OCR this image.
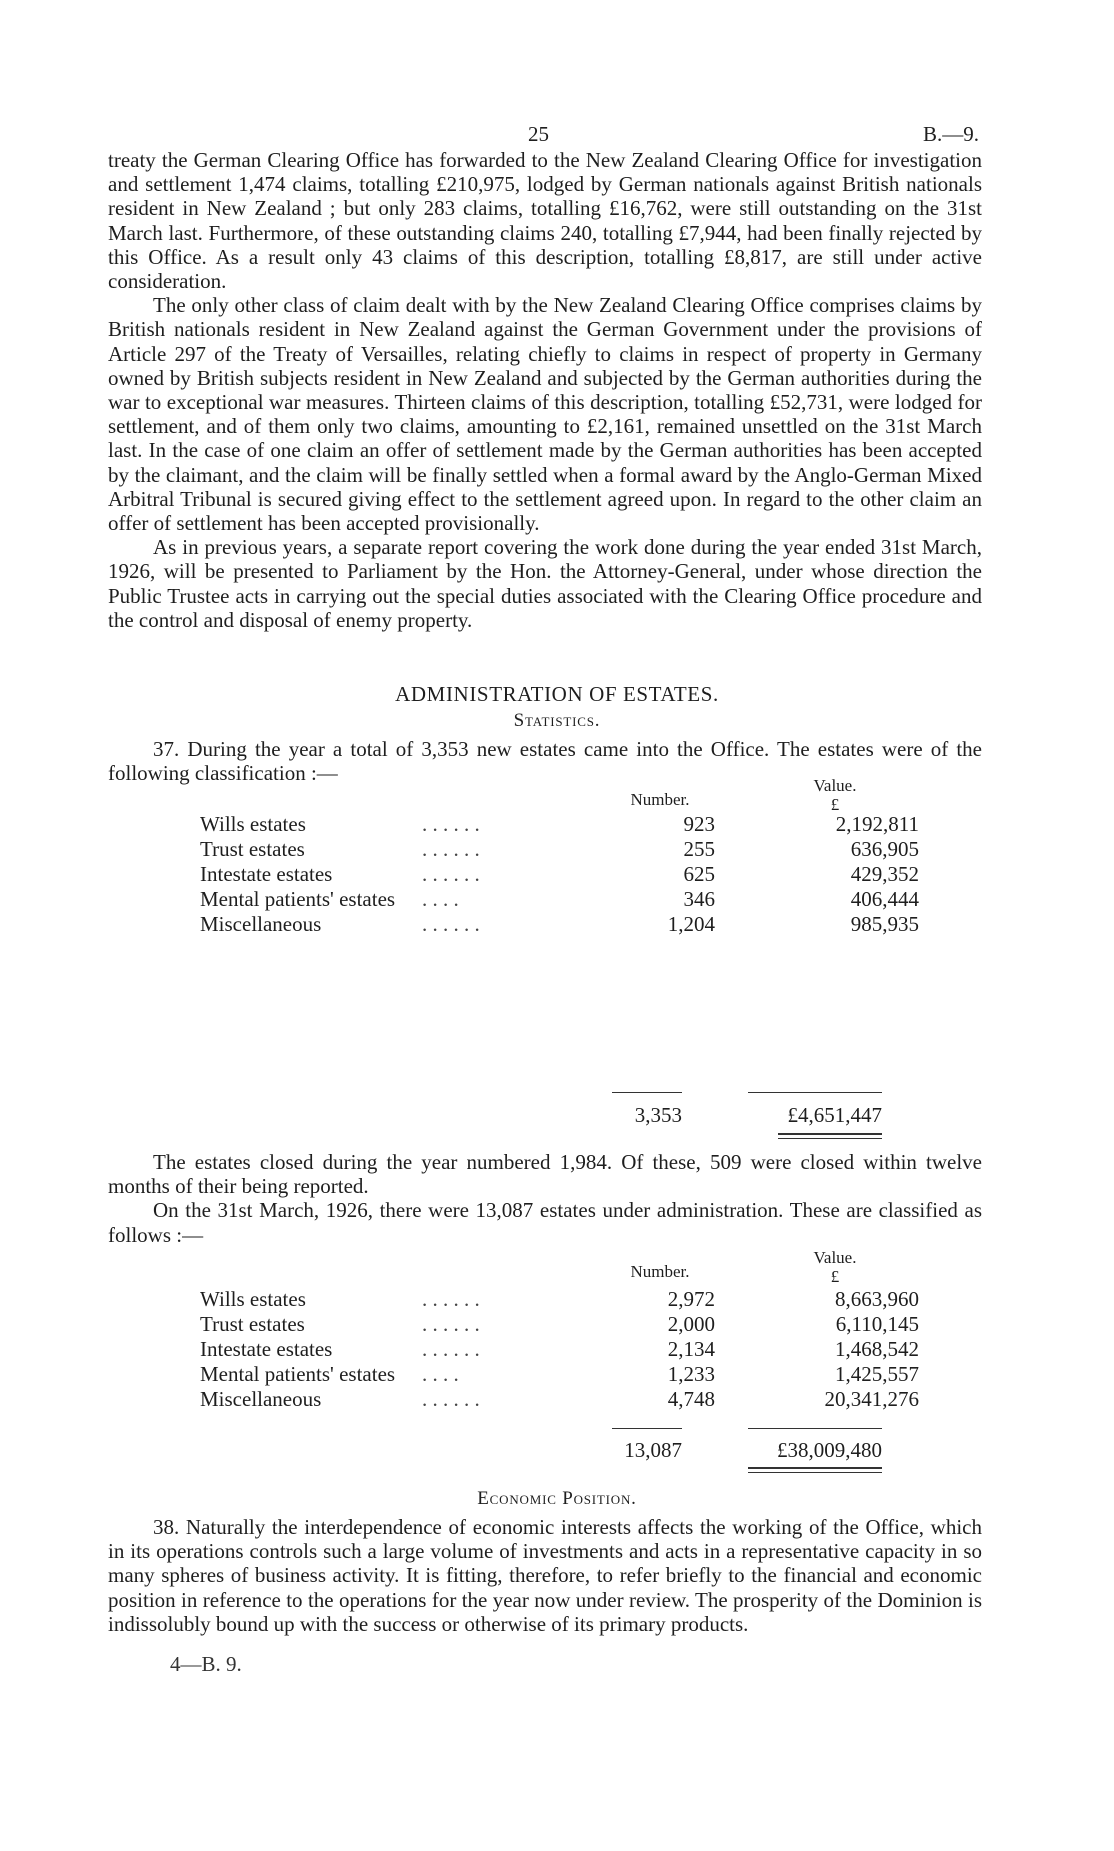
25	B.—9.

treaty the German Clearing Office has forwarded to the New Zealand Clearing Office for investigation and settlement 1,474 claims, totalling £210,975, lodged by German nationals against British nationals resident in New Zealand ; but only 283 claims, totalling £16,762, were still outstanding on the 31st March last. Furthermore, of these outstanding claims 240, totalling £7,944, had been finally rejected by this Office. As a result only 43 claims of this description, totalling £8,817, are still under active consideration.

The only other class of claim dealt with by the New Zealand Clearing Office comprises claims by British nationals resident in New Zealand against the German Government under the provisions of Article 297 of the Treaty of Versailles, relating chiefly to claims in respect of property in Germany owned by British subjects resident in New Zealand and subjected by the German authorities during the war to exceptional war measures. Thirteen claims of this description, totalling £52,731, were lodged for settlement, and of them only two claims, amounting to £2,161, remained unsettled on the 31st March last. In the case of one claim an offer of settlement made by the German authorities has been accepted by the claimant, and the claim will be finally settled when a formal award by the Anglo-German Mixed Arbitral Tribunal is secured giving effect to the settlement agreed upon. In regard to the other claim an offer of settlement has been accepted provisionally.

As in previous years, a separate report covering the work done during the year ended 31st March, 1926, will be presented to Parliament by the Hon. the Attorney-General, under whose direction the Public Trustee acts in carrying out the special duties associated with the Clearing Office procedure and the control and disposal of enemy property.

ADMINISTRATION OF ESTATES.
Statistics.

37. During the year a total of 3,353 new estates came into the Office. The estates were of the following classification :—

Number.
Value.
£
Wills estates	. . . . . .	923	2,192,811
Trust estates	. . . . . .	255	636,905
Intestate estates	. . . . . .	625	429,352
Mental patients' estates	. . . .	346	406,444
Miscellaneous	. . . . . .	1,204	985,935
3,353	£4,651,447

The estates closed during the year numbered 1,984. Of these, 509 were closed within twelve months of their being reported.

On the 31st March, 1926, there were 13,087 estates under administration. These are classified as follows :—

Number.
Value.
£
Wills estates	. . . . . .	2,972	8,663,960
Trust estates	. . . . . .	2,000	6,110,145
Intestate estates	. . . . . .	2,134	1,468,542
Mental patients' estates	. . . .	1,233	1,425,557
Miscellaneous	. . . . . .	4,748	20,341,276
13,087	£38,009,480
Economic Position.

38. Naturally the interdependence of economic interests affects the working of the Office, which in its operations controls such a large volume of investments and acts in a representative capacity in so many spheres of business activity. It is fitting, therefore, to refer briefly to the financial and economic position in reference to the operations for the year now under review. The prosperity of the Dominion is indissolubly bound up with the success or otherwise of its primary products.

4—B. 9.
